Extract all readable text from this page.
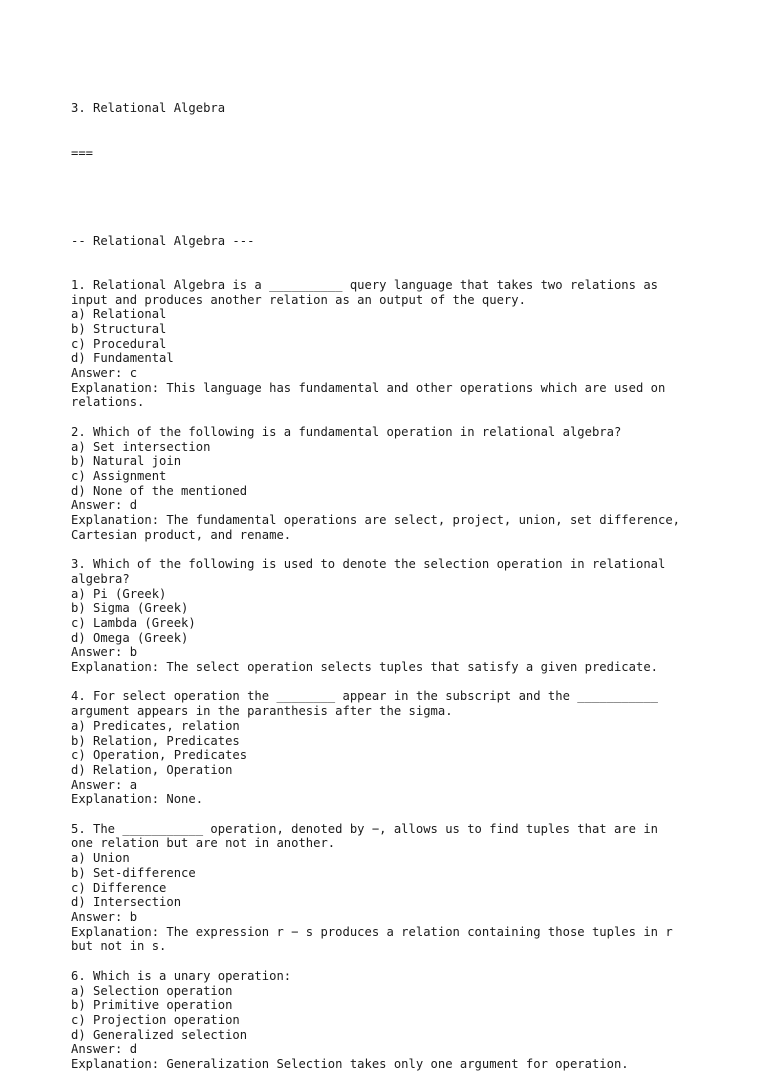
3. Relational Algebra

===

-- Relational Algebra ---

1. Relational Algebra is a __________ query language that takes two relations as
input and produces another relation as an output of the query.
a) Relational
b) Structural
c) Procedural
d) Fundamental
Answer: c
Explanation: This language has fundamental and other operations which are used on
relations.
2. Which of the following is a fundamental operation in relational algebra?
a) Set intersection
b) Natural join
c) Assignment
d) None of the mentioned
Answer: d
Explanation: The fundamental operations are select, project, union, set difference,
Cartesian product, and rename.
3. Which of the following is used to denote the selection operation in relational
algebra?
a) Pi (Greek)
b) Sigma (Greek)
c) Lambda (Greek)
d) Omega (Greek)
Answer: b
Explanation: The select operation selects tuples that satisfy a given predicate.
4. For select operation the ________ appear in the subscript and the ___________
argument appears in the paranthesis after the sigma.
a) Predicates, relation
b) Relation, Predicates
c) Operation, Predicates
d) Relation, Operation
Answer: a
Explanation: None.
5. The ___________ operation, denoted by −, allows us to find tuples that are in
one relation but are not in another.
a) Union
b) Set-difference
c) Difference
d) Intersection
Answer: b
Explanation: The expression r − s produces a relation containing those tuples in r
but not in s.
6. Which is a unary operation:
a) Selection operation
b) Primitive operation
c) Projection operation
d) Generalized selection
Answer: d
Explanation: Generalization Selection takes only one argument for operation.
